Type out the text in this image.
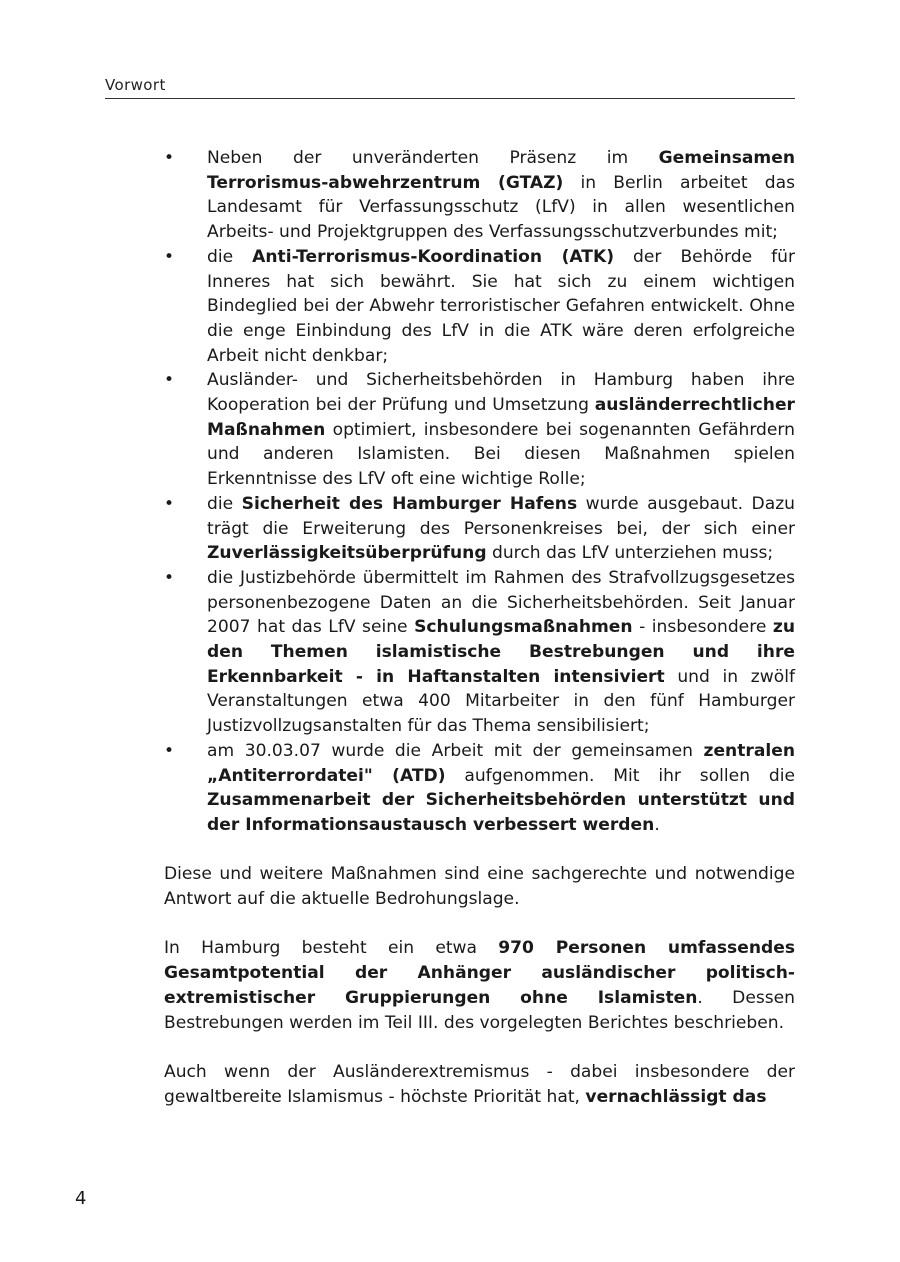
Vorwort
• Neben der unveränderten Präsenz im Gemeinsamen Terrorismus-abwehrzentrum (GTAZ) in Berlin arbeitet das Landesamt für Verfassungsschutz (LfV) in allen wesentlichen Arbeits- und Projektgruppen des Verfassungsschutzverbundes mit;
• die Anti-Terrorismus-Koordination (ATK) der Behörde für Inneres hat sich bewährt. Sie hat sich zu einem wichtigen Bindeglied bei der Abwehr terroristischer Gefahren entwickelt. Ohne die enge Einbindung des LfV in die ATK wäre deren erfolgreiche Arbeit nicht denkbar;
• Ausländer- und Sicherheitsbehörden in Hamburg haben ihre Kooperation bei der Prüfung und Umsetzung ausländerrechtlicher Maßnahmen optimiert, insbesondere bei sogenannten Gefährdern und anderen Islamisten. Bei diesen Maßnahmen spielen Erkenntnisse des LfV oft eine wichtige Rolle;
• die Sicherheit des Hamburger Hafens wurde ausgebaut. Dazu trägt die Erweiterung des Personenkreises bei, der sich einer Zuverlässigkeitsüberprüfung durch das LfV unterziehen muss;
• die Justizbehörde übermittelt im Rahmen des Strafvollzugsgesetzes personenbezogene Daten an die Sicherheitsbehörden. Seit Januar 2007 hat das LfV seine Schulungsmaßnahmen - insbesondere zu den Themen islamistische Bestrebungen und ihre Erkennbarkeit - in Haftanstalten intensiviert und in zwölf Veranstaltungen etwa 400 Mitarbeiter in den fünf Hamburger Justizvollzugsanstalten für das Thema sensibilisiert;
• am 30.03.07 wurde die Arbeit mit der gemeinsamen zentralen „Antiterrordatei" (ATD) aufgenommen. Mit ihr sollen die Zusammenarbeit der Sicherheitsbehörden unterstützt und der Informationsaustausch verbessert werden.

Diese und weitere Maßnahmen sind eine sachgerechte und notwendige Antwort auf die aktuelle Bedrohungslage.

In Hamburg besteht ein etwa 970 Personen umfassendes Gesamtpotential der Anhänger ausländischer politisch-extremistischer Gruppierungen ohne Islamisten. Dessen Bestrebungen werden im Teil III. des vorgelegten Berichtes beschrieben.

Auch wenn der Ausländerextremismus - dabei insbesondere der gewaltbereite Islamismus - höchste Priorität hat, vernachlässigt das

4
